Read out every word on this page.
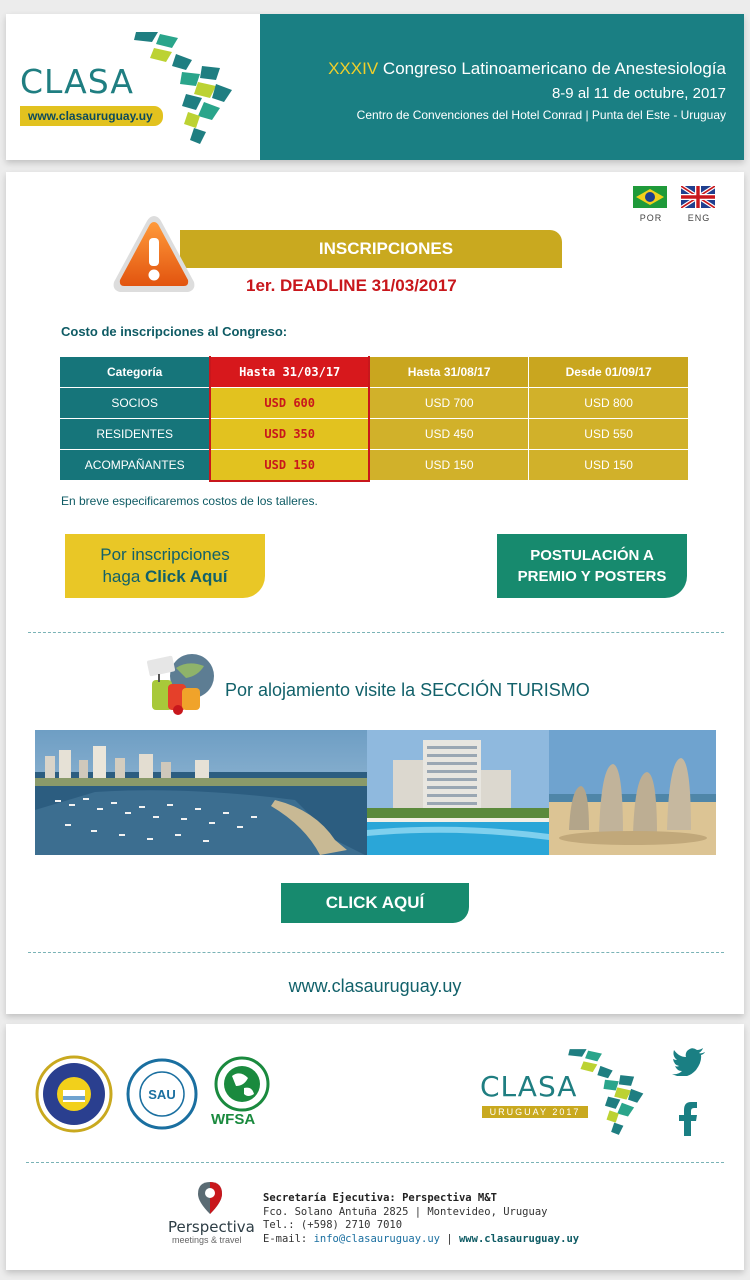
CLASA
www.clasauruguay.uy
XXXIV Congreso Latinoamericano de Anestesiología
8-9 al 11 de octubre, 2017
Centro de Convenciones del Hotel Conrad | Punta del Este - Uruguay
POR	ENG
INSCRIPCIONES
1er. DEADLINE 31/03/2017
Costo de inscripciones al Congreso:
Categoría	Hasta 31/03/17	Hasta 31/08/17	Desde 01/09/17
SOCIOS	USD 600	USD 700	USD 800
RESIDENTES	USD 350	USD 450	USD 550
ACOMPAÑANTES	USD 150	USD 150	USD 150
En breve especificaremos costos de los talleres.
Por inscripciones
haga Click Aquí
POSTULACIÓN A
PREMIO Y POSTERS
Por alojamiento visite la SECCIÓN TURISMO
CLICK AQUÍ
www.clasauruguay.uy
SAU
WFSA
CLASA
URUGUAY 2017
Perspectiva
meetings & travel
Secretaría Ejecutiva: Perspectiva M&T
Fco. Solano Antuña 2825 | Montevideo, Uruguay
Tel.: (+598) 2710 7010
E-mail: info@clasauruguay.uy | www.clasauruguay.uy
